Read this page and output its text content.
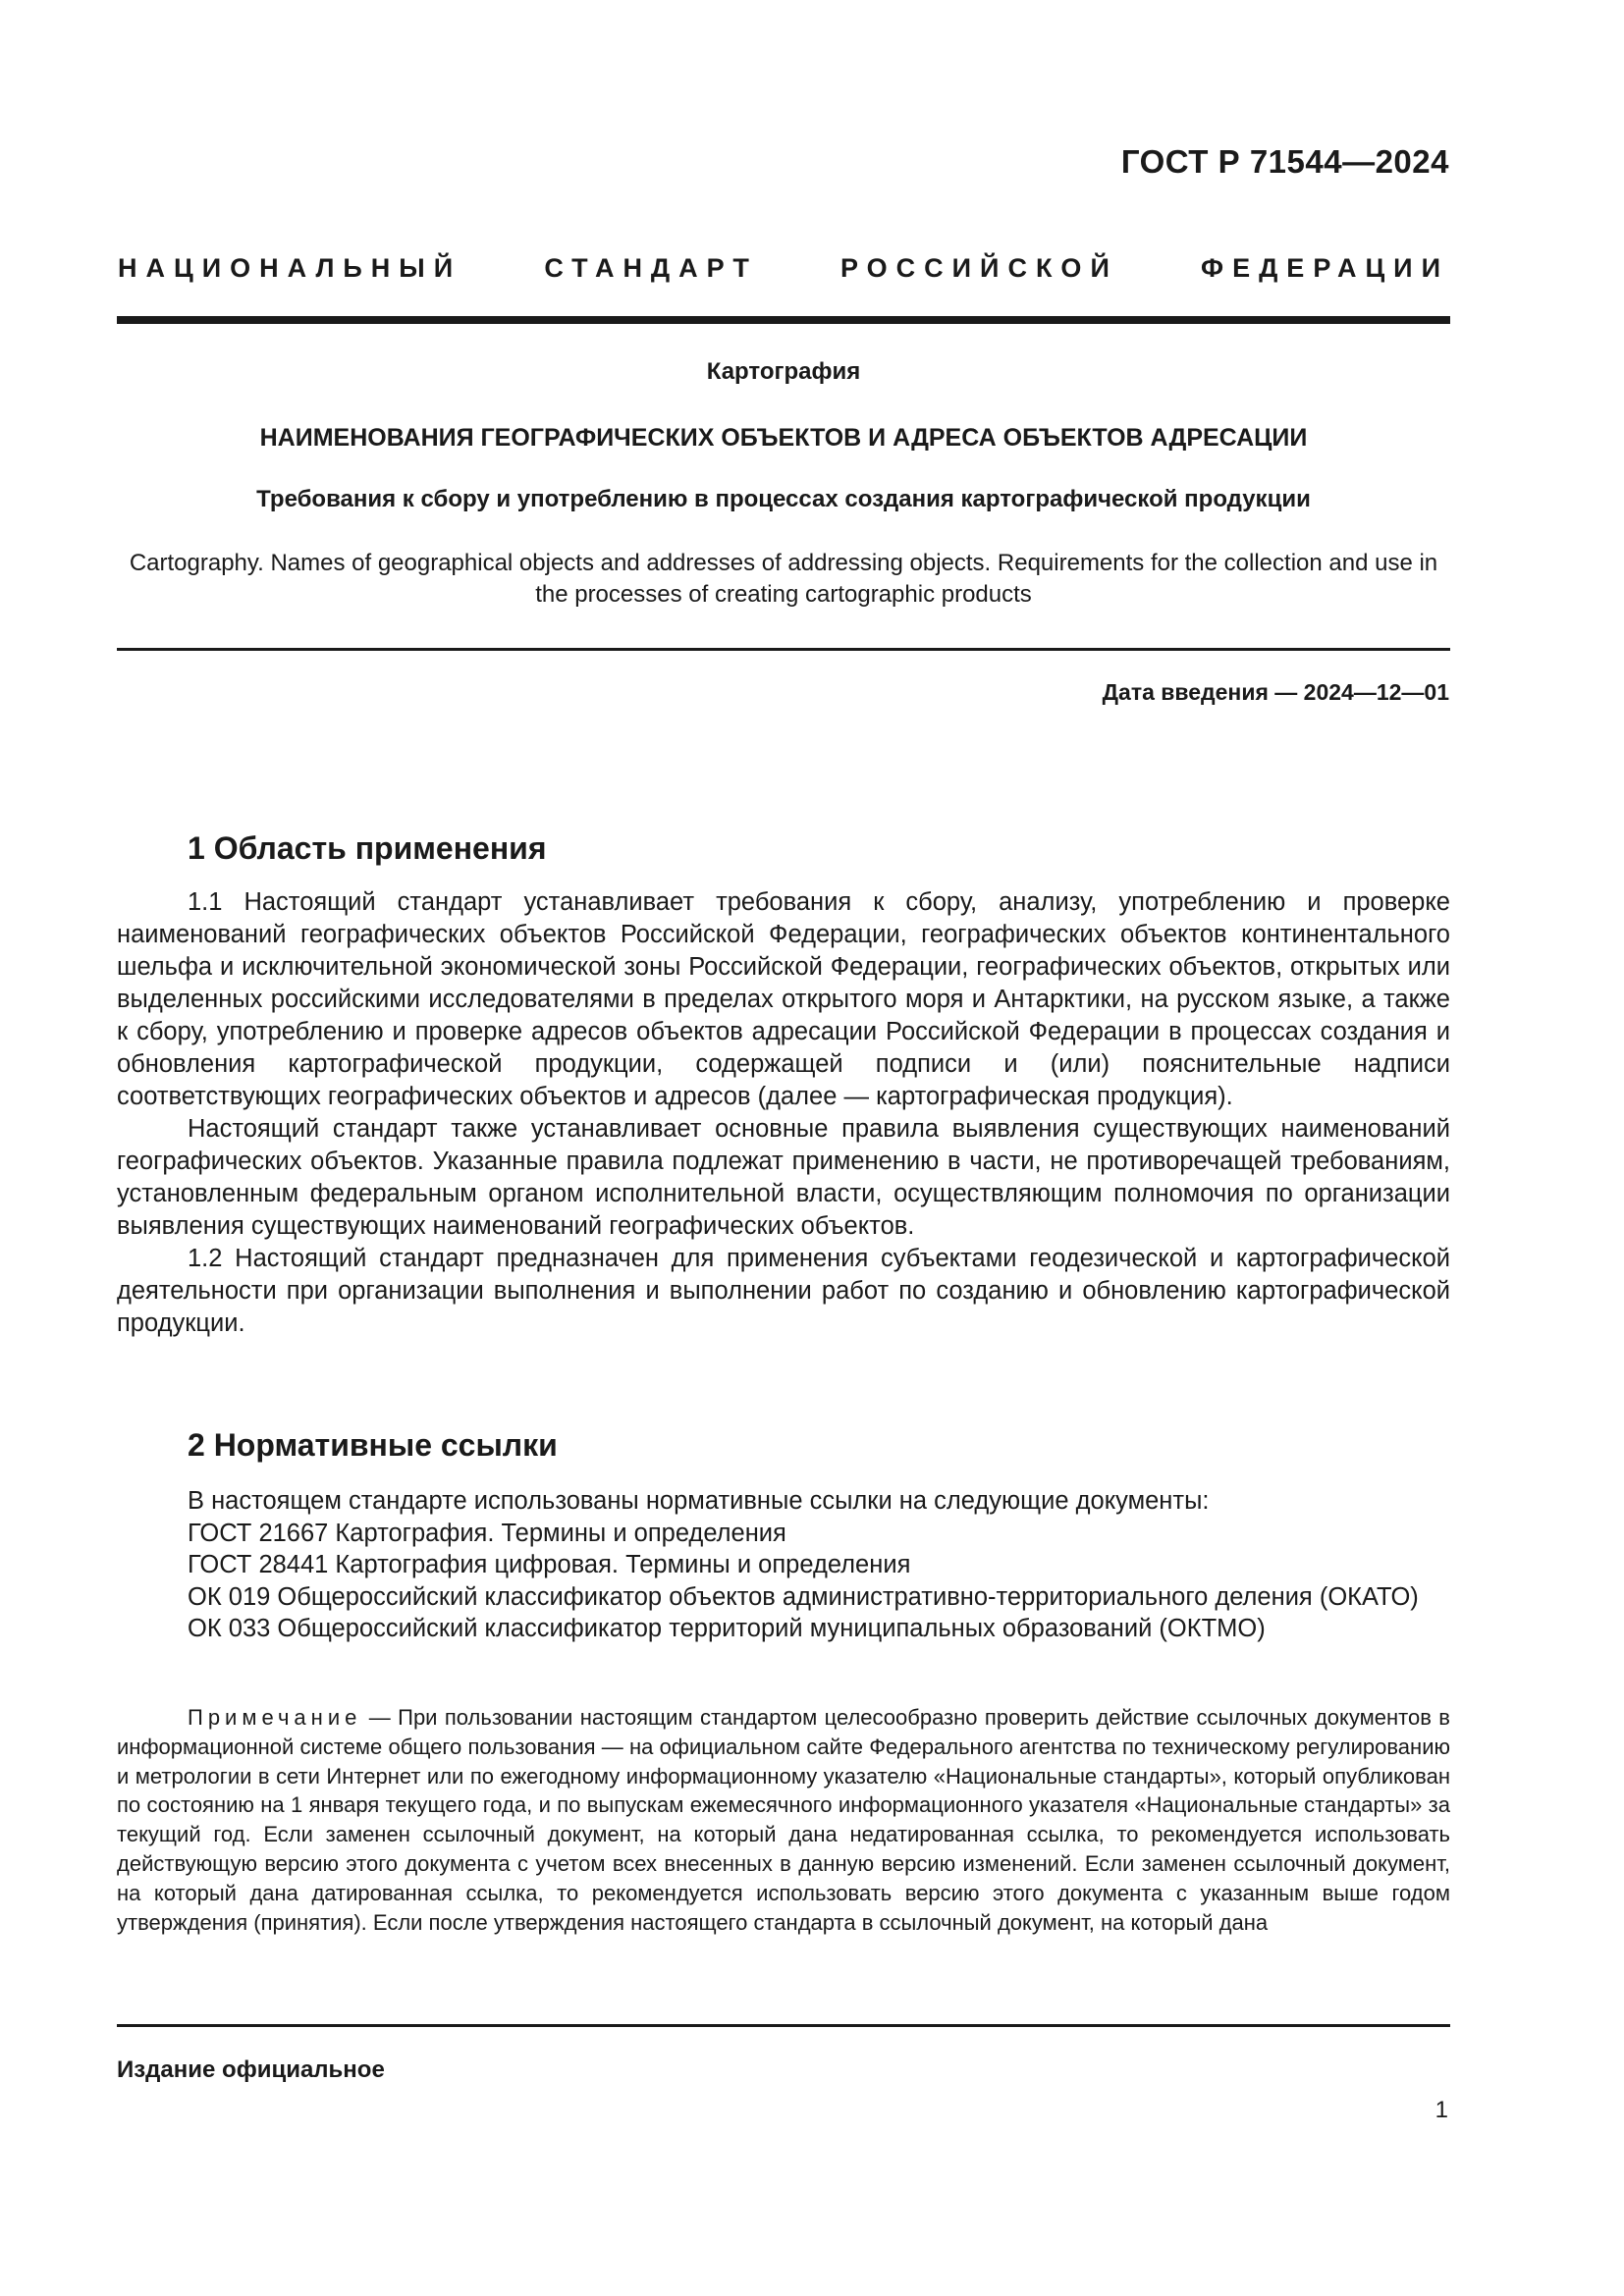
ГОСТ Р 71544—2024
НАЦИОНАЛЬНЫЙ СТАНДАРТ РОССИЙСКОЙ ФЕДЕРАЦИИ
Картография
НАИМЕНОВАНИЯ ГЕОГРАФИЧЕСКИХ ОБЪЕКТОВ И АДРЕСА ОБЪЕКТОВ АДРЕСАЦИИ
Требования к сбору и употреблению в процессах создания картографической продукции
Cartography. Names of geographical objects and addresses of addressing objects. Requirements for the collection and use in the processes of creating cartographic products
Дата введения — 2024—12—01
1 Область применения

1.1 Настоящий стандарт устанавливает требования к сбору, анализу, употреблению и проверке наименований географических объектов Российской Федерации, географических объектов континентального шельфа и исключительной экономической зоны Российской Федерации, географических объектов, открытых или выделенных российскими исследователями в пределах открытого моря и Антарктики, на русском языке, а также к сбору, употреблению и проверке адресов объектов адресации Российской Федерации в процессах создания и обновления картографической продукции, содержащей подписи и (или) пояснительные надписи соответствующих географических объектов и адресов (далее — картографическая продукция).

Настоящий стандарт также устанавливает основные правила выявления существующих наименований географических объектов. Указанные правила подлежат применению в части, не противоречащей требованиям, установленным федеральным органом исполнительной власти, осуществляющим полномочия по организации выявления существующих наименований географических объектов.

1.2 Настоящий стандарт предназначен для применения субъектами геодезической и картографической деятельности при организации выполнения и выполнении работ по созданию и обновлению картографической продукции.

2 Нормативные ссылки

В настоящем стандарте использованы нормативные ссылки на следующие документы:

ГОСТ 21667 Картография. Термины и определения

ГОСТ 28441 Картография цифровая. Термины и определения

ОК 019 Общероссийский классификатор объектов административно-территориального деления (ОКАТО)

ОК 033 Общероссийский классификатор территорий муниципальных образований (ОКТМО)

Примечание — При пользовании настоящим стандартом целесообразно проверить действие ссылочных документов в информационной системе общего пользования — на официальном сайте Федерального агентства по техническому регулированию и метрологии в сети Интернет или по ежегодному информационному указателю «Национальные стандарты», который опубликован по состоянию на 1 января текущего года, и по выпускам ежемесячного информационного указателя «Национальные стандарты» за текущий год. Если заменен ссылочный документ, на который дана недатированная ссылка, то рекомендуется использовать действующую версию этого документа с учетом всех внесенных в данную версию изменений. Если заменен ссылочный документ, на который дана датированная ссылка, то рекомендуется использовать версию этого документа с указанным выше годом утверждения (принятия). Если после утверждения настоящего стандарта в ссылочный документ, на который дана

Издание официальное
1
